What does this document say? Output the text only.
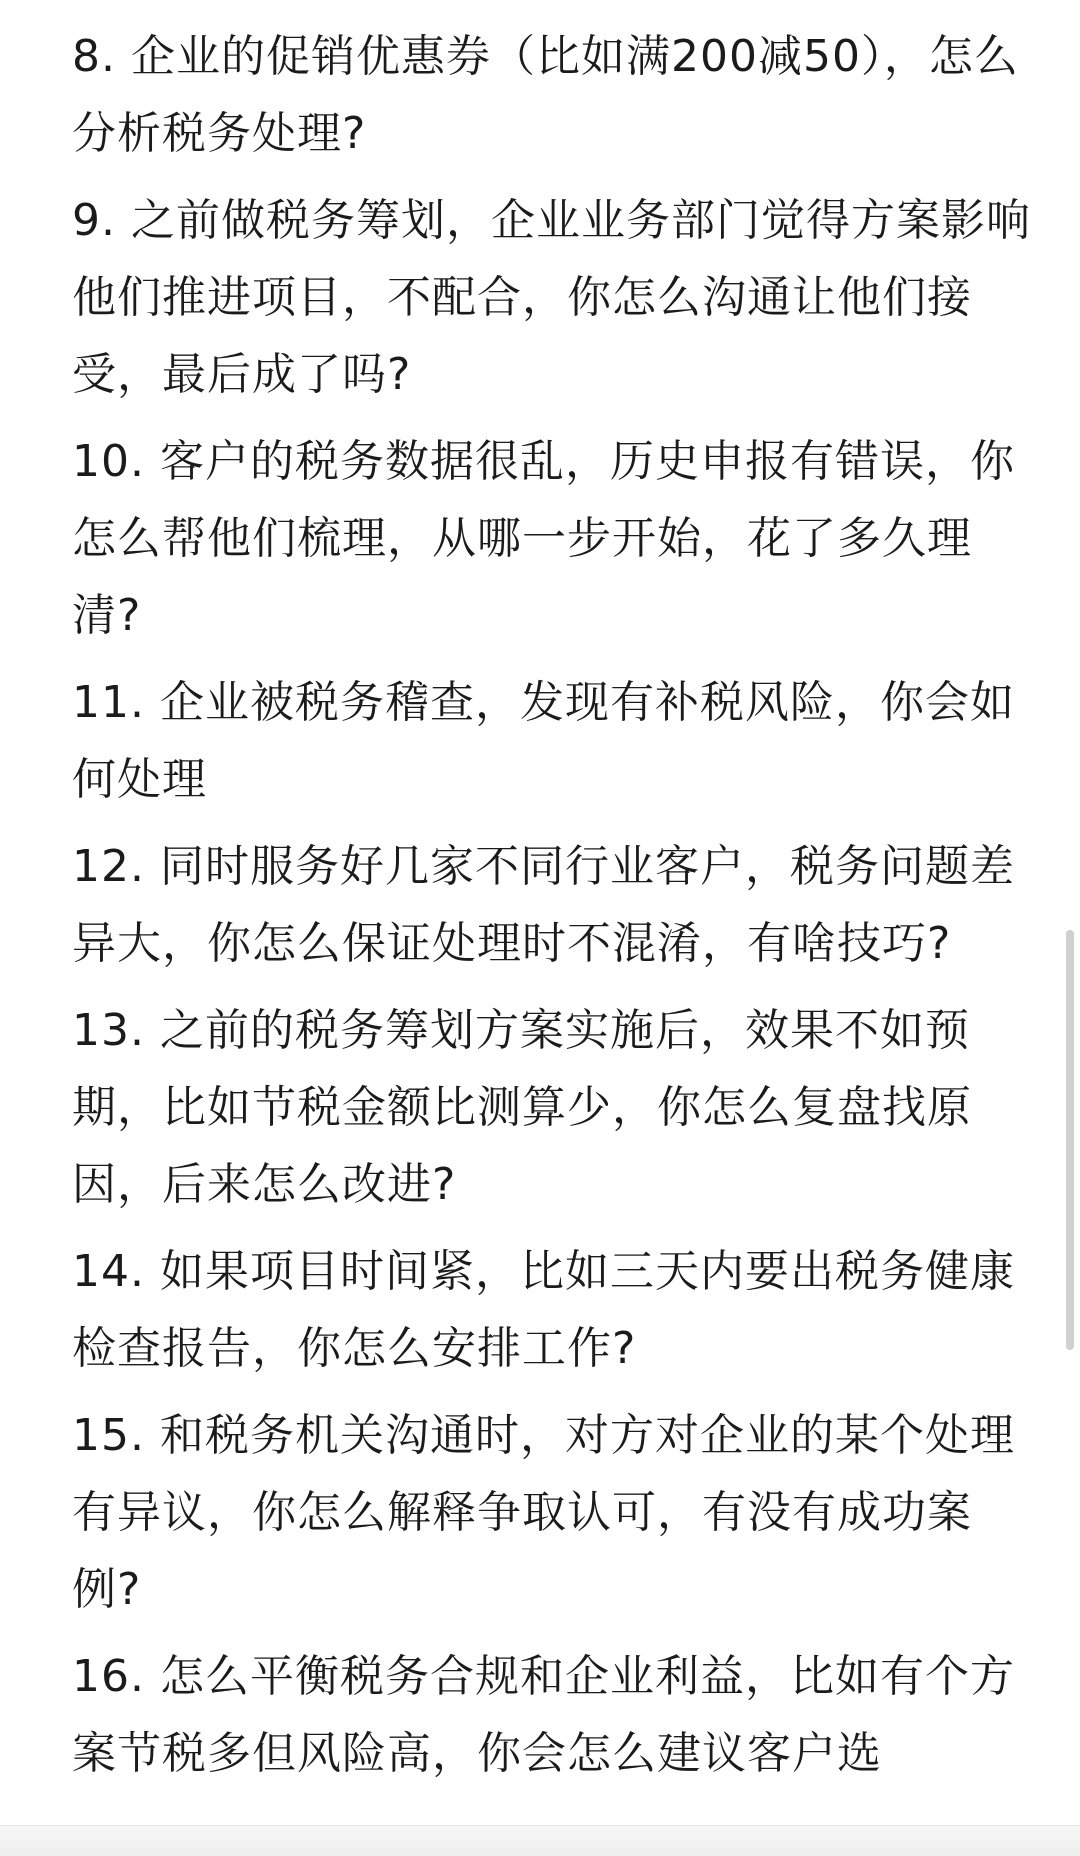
8. 企业的促销优惠券（比如满200减50），怎么分析税务处理?

9. 之前做税务筹划，企业业务部门觉得方案影响他们推进项目，不配合，你怎么沟通让他们接受，最后成了吗?

10. 客户的税务数据很乱，历史申报有错误，你怎么帮他们梳理，从哪一步开始，花了多久理清?

11. 企业被税务稽查，发现有补税风险，你会如何处理

12. 同时服务好几家不同行业客户，税务问题差异大，你怎么保证处理时不混淆，有啥技巧?

13. 之前的税务筹划方案实施后，效果不如预期，比如节税金额比测算少，你怎么复盘找原因，后来怎么改进?

14. 如果项目时间紧，比如三天内要出税务健康检查报告，你怎么安排工作?

15. 和税务机关沟通时，对方对企业的某个处理有异议，你怎么解释争取认可，有没有成功案例?

16. 怎么平衡税务合规和企业利益，比如有个方案节税多但风险高，你会怎么建议客户选
